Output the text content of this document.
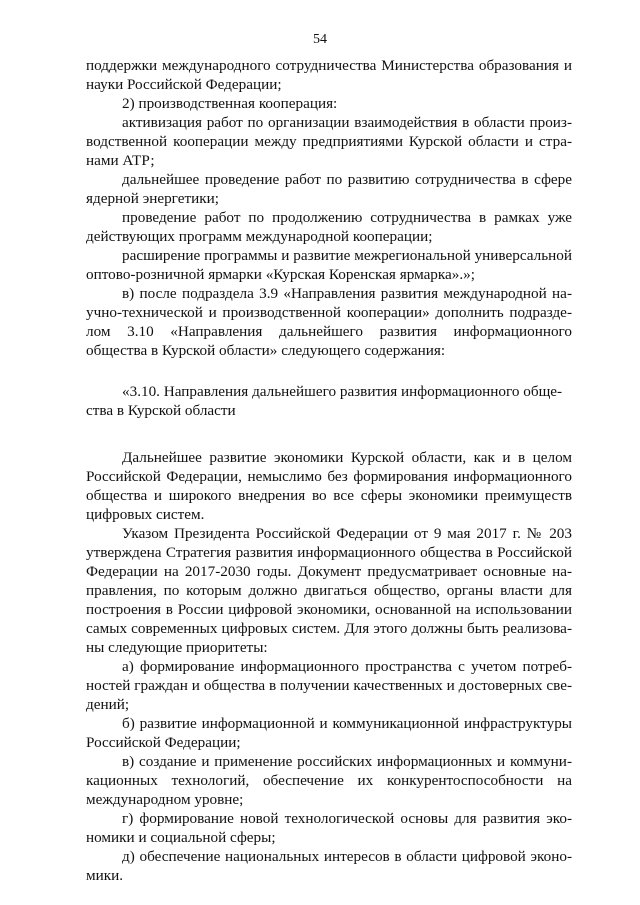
54

поддержки международного сотрудничества Министерства образования и науки Российской Федерации;

2) производственная кооперация:

активизация работ по организации взаимодействия в области производственной кооперации между предприятиями Курской области и странами АТР;

дальнейшее проведение работ по развитию сотрудничества в сфере ядерной энергетики;

проведение работ по продолжению сотрудничества в рамках уже действующих программ международной кооперации;

расширение программы и развитие межрегиональной универсальной оптово-розничной ярмарки «Курская Коренская ярмарка».»;

в) после подраздела 3.9 «Направления развития международной научно-технической и производственной кооперации» дополнить подразделом 3.10 «Направления дальнейшего развития информационного общества в Курской области» следующего содержания:

«3.10. Направления дальнейшего развития информационного общества в Курской области

Дальнейшее развитие экономики Курской области, как и в целом Российской Федерации, немыслимо без формирования информационного общества и широкого внедрения во все сферы экономики преимуществ цифровых систем.

Указом Президента Российской Федерации от 9 мая 2017 г. № 203 утверждена Стратегия развития информационного общества в Российской Федерации на 2017-2030 годы. Документ предусматривает основные направления, по которым должно двигаться общество, органы власти для построения в России цифровой экономики, основанной на использовании самых современных цифровых систем. Для этого должны быть реализованы следующие приоритеты:

а) формирование информационного пространства с учетом потребностей граждан и общества в получении качественных и достоверных сведений;

б) развитие информационной и коммуникационной инфраструктуры Российской Федерации;

в) создание и применение российских информационных и коммуникационных технологий, обеспечение их конкурентоспособности на международном уровне;

г) формирование новой технологической основы для развития экономики и социальной сферы;

д) обеспечение национальных интересов в области цифровой экономики.
